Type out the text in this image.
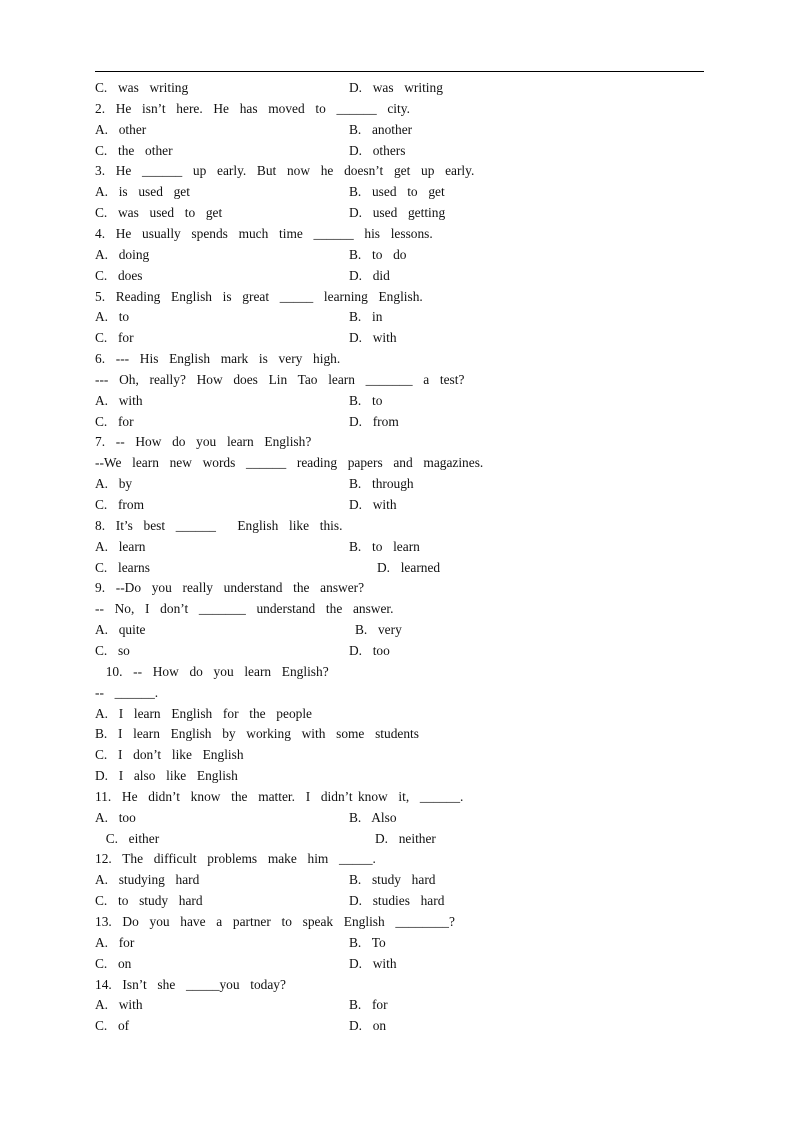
C.  was  writing	D.  was  writing
2.  He  isn’t  here.  He  has  moved  to  ______  city.
A.  other	B.  another
C.  the  other	D.  others
3.  He  ______  up  early.  But  now  he  doesn’t  get  up  early.
A.  is  used  get	B.  used  to  get
C.  was  used  to  get	D.  used  getting
4.  He  usually  spends  much  time  ______  his  lessons.
A.  doing	B.  to  do
C.  does	D.  did
5.  Reading  English  is  great  _____  learning  English.
A.  to	B.  in
C.  for	D.  with
6.  ---  His  English  mark  is  very  high.
---  Oh,  really?  How  does  Lin  Tao  learn  _______  a  test?
A.  with	B.  to
C.  for	D.  from
7.  --  How  do  you  learn  English?
--We  learn  new  words  ______  reading  papers  and  magazines.
A.  by	B.  through
C.  from	D.  with
8.  It’s  best  ______    English  like  this.
A.  learn	B.  to  learn
C.  learns	D.  learned
9.  --Do  you  really  understand  the  answer?
--  No,  I  don’t  _______  understand  the  answer.
A.  quite	B.  very
C.  so	D.  too
10.  --  How  do  you  learn  English?
--  ______.
A.  I  learn  English  for  the  people
B.  I  learn  English  by  working  with  some  students
C.  I  don’t  like  English
D.  I  also  like  English
11.  He  didn’t  know  the  matter.  I  didn’t know  it,  ______.
A.  too	B.  Also
C.  either	D.  neither
12.  The  difficult  problems  make  him  _____.
A.  studying  hard	B.  study  hard
C.  to  study  hard	D.  studies  hard
13.  Do  you  have  a  partner  to  speak  English  ________?
A.  for	B.  To
C.  on	D.  with
14.  Isn’t  she  _____you  today?
A.  with	B.  for
C.  of	D.  on
